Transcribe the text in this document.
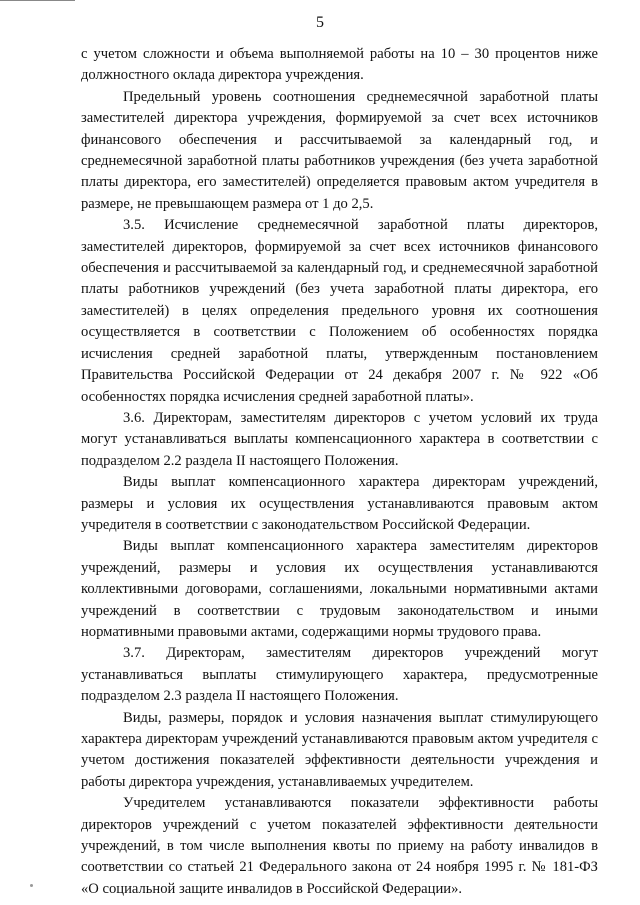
5

с учетом сложности и объема выполняемой работы на 10 – 30 процентов ниже должностного оклада директора учреждения.

Предельный уровень соотношения среднемесячной заработной платы заместителей директора учреждения, формируемой за счет всех источников финансового обеспечения и рассчитываемой за календарный год, и среднемесячной заработной платы работников учреждения (без учета заработной платы директора, его заместителей) определяется правовым актом учредителя в размере, не превышающем размера от 1 до 2,5.

3.5. Исчисление среднемесячной заработной платы директоров, заместителей директоров, формируемой за счет всех источников финансового обеспечения и рассчитываемой за календарный год, и среднемесячной заработной платы работников учреждений (без учета заработной платы директора, его заместителей) в целях определения предельного уровня их соотношения осуществляется в соответствии с Положением об особенностях порядка исчисления средней заработной платы, утвержденным постановлением Правительства Российской Федерации от 24 декабря 2007 г. № 922 «Об особенностях порядка исчисления средней заработной платы».

3.6. Директорам, заместителям директоров с учетом условий их труда могут устанавливаться выплаты компенсационного характера в соответствии с подразделом 2.2 раздела II настоящего Положения.

Виды выплат компенсационного характера директорам учреждений, размеры и условия их осуществления устанавливаются правовым актом учредителя в соответствии с законодательством Российской Федерации.

Виды выплат компенсационного характера заместителям директоров учреждений, размеры и условия их осуществления устанавливаются коллективными договорами, соглашениями, локальными нормативными актами учреждений в соответствии с трудовым законодательством и иными нормативными правовыми актами, содержащими нормы трудового права.

3.7. Директорам, заместителям директоров учреждений могут устанавливаться выплаты стимулирующего характера, предусмотренные подразделом 2.3 раздела II настоящего Положения.

Виды, размеры, порядок и условия назначения выплат стимулирующего характера директорам учреждений устанавливаются правовым актом учредителя с учетом достижения показателей эффективности деятельности учреждения и работы директора учреждения, устанавливаемых учредителем.

Учредителем устанавливаются показатели эффективности работы директоров учреждений с учетом показателей эффективности деятельности учреждений, в том числе выполнения квоты по приему на работу инвалидов в соответствии со статьей 21 Федерального закона от 24 ноября 1995 г. № 181-ФЗ «О социальной защите инвалидов в Российской Федерации».
